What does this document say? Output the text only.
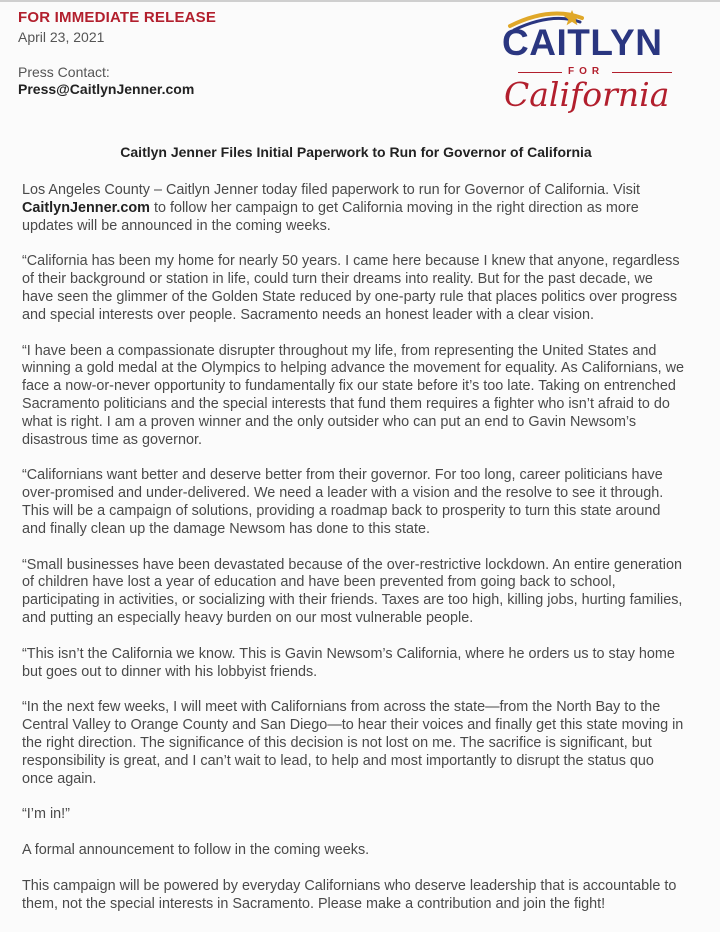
FOR IMMEDIATE RELEASE
April 23, 2021
Press Contact:
Press@CaitlynJenner.com
CAITLYN
FOR
California
Caitlyn Jenner Files Initial Paperwork to Run for Governor of California

Los Angeles County – Caitlyn Jenner today filed paperwork to run for Governor of California. Visit CaitlynJenner.com to follow her campaign to get California moving in the right direction as more updates will be announced in the coming weeks.

“California has been my home for nearly 50 years. I came here because I knew that anyone, regardless of their background or station in life, could turn their dreams into reality. But for the past decade, we have seen the glimmer of the Golden State reduced by one-party rule that places politics over progress and special interests over people. Sacramento needs an honest leader with a clear vision.

“I have been a compassionate disrupter throughout my life, from representing the United States and winning a gold medal at the Olympics to helping advance the movement for equality. As Californians, we face a now-or-never opportunity to fundamentally fix our state before it’s too late. Taking on entrenched Sacramento politicians and the special interests that fund them requires a fighter who isn’t afraid to do what is right. I am a proven winner and the only outsider who can put an end to Gavin Newsom’s disastrous time as governor.

“Californians want better and deserve better from their governor. For too long, career politicians have over-promised and under-delivered. We need a leader with a vision and the resolve to see it through. This will be a campaign of solutions, providing a roadmap back to prosperity to turn this state around and finally clean up the damage Newsom has done to this state.

“Small businesses have been devastated because of the over-restrictive lockdown. An entire generation of children have lost a year of education and have been prevented from going back to school, participating in activities, or socializing with their friends. Taxes are too high, killing jobs, hurting families, and putting an especially heavy burden on our most vulnerable people.

“This isn’t the California we know. This is Gavin Newsom’s California, where he orders us to stay home but goes out to dinner with his lobbyist friends.

“In the next few weeks, I will meet with Californians from across the state—from the North Bay to the Central Valley to Orange County and San Diego—to hear their voices and finally get this state moving in the right direction. The significance of this decision is not lost on me. The sacrifice is significant, but responsibility is great, and I can’t wait to lead, to help and most importantly to disrupt the status quo once again.

“I’m in!”

A formal announcement to follow in the coming weeks.

This campaign will be powered by everyday Californians who deserve leadership that is accountable to them, not the special interests in Sacramento. Please make a contribution and join the fight!
